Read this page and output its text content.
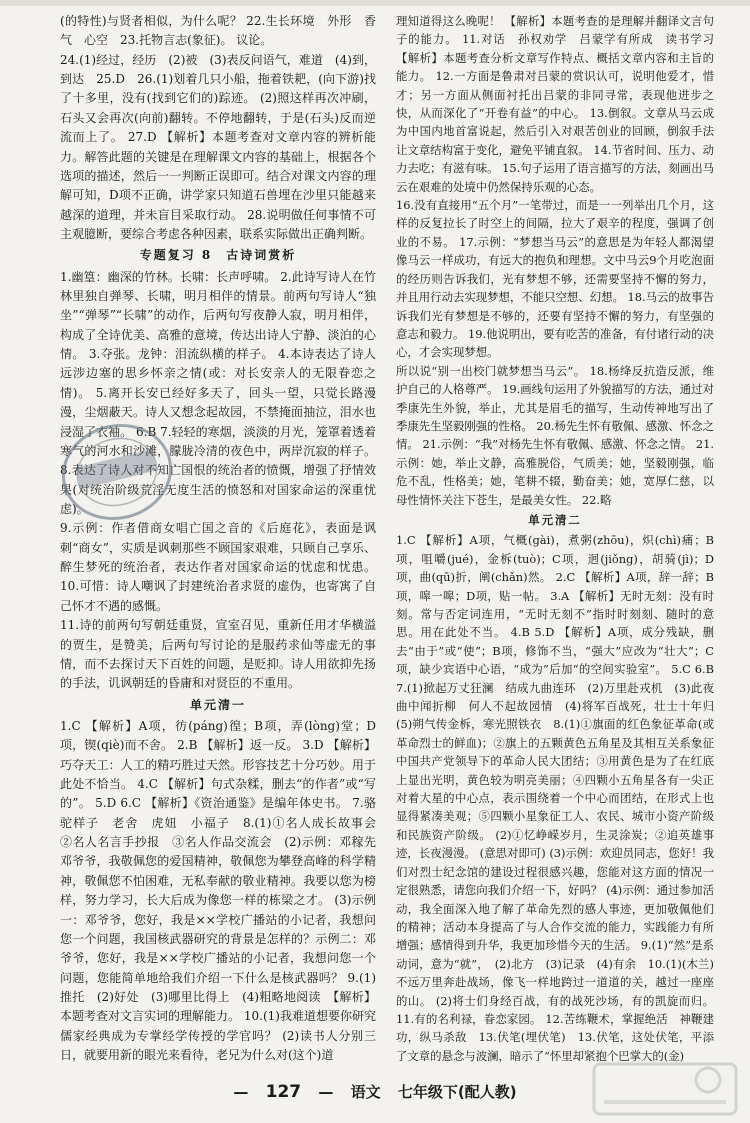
(的特性)与贤者相似，为什么呢？ 22.生长环境　外形　香气　心空　23.托物言志(象征)。 议论。

24.(1)经过，经历　(2)被　(3)表反问语气，难道　(4)到，到达　25.D　26.(1)划着几只小船，拖着铁耙，(向下游)找了十多里，没有(找到它们的)踪迹。 (2)照这样再次冲刷，石头又会再次(向前)翻转。不停地翻转，于是(石头)反而逆流而上了。 27.D 【解析】本题考查对文章内容的辨析能力。解答此题的关键是在理解课文内容的基础上，根据各个选项的描述，然后一一判断正误即可。结合对课文内容的理解可知，D项不正确，讲学家只知道石兽埋在沙里只能越来越深的道理，并未盲目采取行动。 28.说明做任何事情不可主观臆断，要综合考虑各种因素，联系实际做出正确判断。

专题复习 8　古诗词赏析

1.幽篁：幽深的竹林。长啸：长声呼啸。 2.此诗写诗人在竹林里独自弹琴、长啸，明月相伴的情景。前两句写诗人“独坐”“弹琴”“长啸”的动作，后两句写夜静人寂，明月相伴，构成了全诗优美、高雅的意境，传达出诗人宁静、淡泊的心情。 3.夺张。龙钟：泪流纵横的样子。 4.本诗表达了诗人远涉边塞的思乡怀亲之情(或：对长安亲人的无限眷恋之情)。 5.离开长安已经好多天了，回头一望，只觉长路漫漫，尘烟蔽天。诗人又想念起故园，不禁掩面抽泣，泪水也浸湿了衣袖。 6.B 7.轻轻的寒烟，淡淡的月光，笼罩着透着寒气的河水和沙滩，朦胧冷清的夜色中，两岸沉寂的样子。 8.表达了诗人对不知亡国恨的统治者的愤慨，增强了抒情效果(对统治阶级荒淫无度生活的愤怒和对国家命运的深重忧虑)。

9.示例：作者借商女唱亡国之音的《后庭花》，表面是讽刺“商女”，实质是讽刺那些不顾国家艰难，只顾自己享乐、醉生梦死的统治者，表达作者对国家命运的忧虑和忧患。 10.可惜：诗人嘲讽了封建统治者求贤的虚伪，也寄寓了自己怀才不遇的感慨。

11.诗的前两句写朝廷重贤，宣室召见，重新任用才华横溢的贾生，是赞美，后两句写讨论的是服药求仙等虚无的事情，而不去探讨天下百姓的问题，是贬抑。诗人用欲抑先扬的手法，讥讽朝廷的昏庸和对贤臣的不重用。

单元清一

1.C 【解析】A项，彷(páng)徨；B项，弄(lòng)堂；D项，锲(qiè)而不舍。 2.B 【解析】返一反。 3.D 【解析】巧夺天工：人工的精巧胜过天然。形容技艺十分巧妙。用于此处不恰当。 4.C 【解析】句式杂糅，删去“的作者”或“写的”。 5.D 6.C 【解析】《资治通鉴》是编年体史书。 7.骆驼样子　老舍　虎妞　小福子　8.(1)①名人成长故事会　②名人名言手抄报　③名人作品交流会　(2)示例：邓稼先　邓爷爷，我敬佩您的爱国精神，敬佩您为攀登高峰的科学精神，敬佩您不怕困难，无私奉献的敬业精神。我要以您为榜样，努力学习，长大后成为像您一样的栋梁之才。 (3)示例一：邓爷爷，您好，我是××学校广播站的小记者，我想问您一个问题，我国核武器研究的背景是怎样的？示例二：邓爷爷，您好，我是××学校广播站的小记者，我想问您一个问题，您能简单地给我们介绍一下什么是核武器吗？ 9.(1)推托　(2)好处　(3)哪里比得上　(4)粗略地阅读　【解析】本题考查对文言实词的理解能力。 10.(1)我难道想要你研究儒家经典成为专掌经学传授的学官吗？ (2)读书人分别三日，就要用新的眼光来看待，老兄为什么对(这个)道

理知道得这么晚呢！ 【解析】本题考查的是理解并翻译文言句子的能力。 11.对话　孙权劝学　吕蒙学有所成　读书学习　【解析】本题考查分析文章写作特点、概括文章内容和主旨的能力。 12.一方面是鲁肃对吕蒙的赏识认可，说明他爱才，惜才；另一方面从侧面衬托出吕蒙的非同寻常，表现他进步之快，从而深化了“开卷有益”的中心。 13.倒叙。文章从马云成为中国内地首富说起，然后引入对艰苦创业的回顾，倒叙手法让文章结构富于变化，避免平铺直叙。 14.节省时间、压力、动力去吃；有滋有味。 15.句子运用了语言描写的方法，刻画出马云在艰难的处境中仍然保持乐观的心态。

16.没有直接用“五个月”一笔带过，而是一一列举出几个月，这样的反复拉长了时空上的间隔，拉大了艰辛的程度，强调了创业的不易。 17.示例：“梦想当马云”的意思是为年轻人都渴望像马云一样成功，有远大的抱负和理想。文中马云9个月吃泡面的经历则告诉我们，光有梦想不够，还需要坚持不懈的努力，并且用行动去实现梦想，不能只空想、幻想。 18.马云的故事告诉我们光有梦想是不够的，还要有坚持不懈的努力，有坚强的意志和毅力。 19.他说明出，要有吃苦的准备，有付诸行动的决心，才会实现梦想。

所以说“别一出校门就梦想当马云”。 18.杨绛反抗造反派，维护自己的人格尊严。 19.画线句运用了外貌描写的方法，通过对季康先生外貌，举止，尤其是眉毛的描写，生动传神地写出了季康先生坚毅刚强的性格。 20.杨先生怀有敬佩、感激、怀念之情。 21.示例：“我”对杨先生怀有敬佩、感激、怀念之情。 21.示例：她，举止文静，高雅脱俗，气质美；她，坚毅刚强，临危不乱，性格美；她，笔耕不辍，勤奋美；她，宽厚仁慈，以母性情怀关注下苍生，是最美女性。 22.略

单元清二

1.C 【解析】A项，气概(gài)，煮粥(zhōu)，炽(chì)痛；B项，咀嚼(jué)，金柝(tuò)；C项，迥(jiǒng)，胡骑(jì)；D项，曲(qū)折，阐(chǎn)然。 2.C 【解析】A项，辞一辞；B项，嗥一嗥；D项，贴一帖。 3.A 【解析】无时无刻：没有时刻。常与否定词连用，“无时无刻不”指时时刻刻、随时的意思。用在此处不当。 4.B 5.D 【解析】A项，成分残缺，删去“由于”或“使”；B项，修饰不当，“强大”应改为“壮大”；C项，缺少宾语中心语，“成为”后加“的空间实验室”。 5.C 6.B 7.(1)掀起万丈狂澜　结成九曲连环　(2)万里赴戎机　(3)此夜曲中闻折柳　何人不起故园情　(4)将军百战死，壮士十年归　(5)朔气传金柝，寒光照铁衣　8.(1)①旗面的红色象征革命(或革命烈士的鲜血)；②旗上的五颗黄色五角星及其相互关系象征中国共产党领导下的革命人民大团结；③用黄色是为了在红底上显出光明，黄色较为明亮美丽；④四颗小五角星各有一尖正对着大星的中心点，表示围绕着一个中心而团结，在形式上也显得紧凑美观；⑤四颗小星象征工人、农民、城市小资产阶级和民族资产阶级。 (2)①忆峥嵘岁月，生灵涂炭；②追英雄事迹，长夜漫漫。 (意思对即可) (3)示例：欢迎员同志，您好！我们对烈士纪念馆的建设过程很感兴趣，您能对这方面的情况一定很熟悉，请您向我们介绍一下，好吗？ (4)示例：通过参加活动，我全面深入地了解了革命先烈的感人事迹，更加敬佩他们的精神；活动本身提高了与人合作交流的能力，实践能力有所增强；感情得到升华，我更加珍惜今天的生活。 9.(1)“然”是系动词，意为“就”，　(2)北方　(3)记录　(4)有余　10.(1)(木兰)不远万里奔赴战场，像飞一样地跨过一道道的关，越过一座座的山。 (2)将士们身经百战，有的战死沙场，有的凯旋而归。 11.有的名利禄，眷恋家园。 12.苦练鞭术，掌握绝活　神鞭建功，纵马杀敌　13.伏笔(埋伏笔)　13.伏笔，这处伏笔，平添了文章的悬念与波澜，暗示了“怀里却紧抱个巴掌大的(金)

— 127 — 语文 七年级下(配人教)
